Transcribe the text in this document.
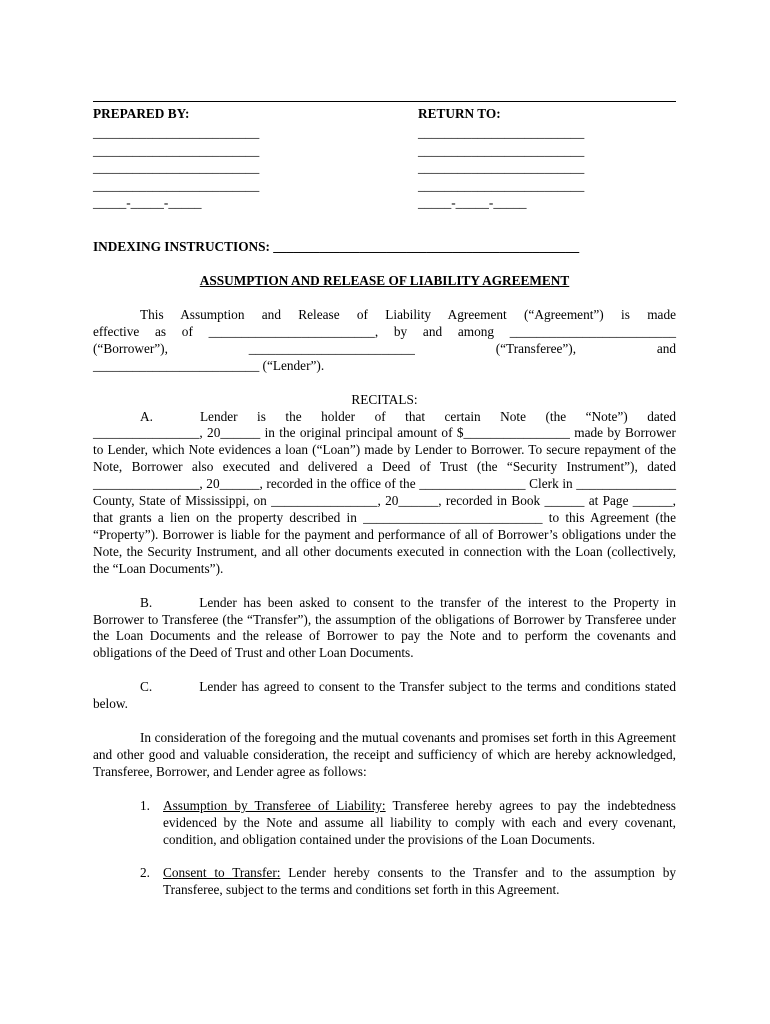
PREPARED BY:
_________________________
_________________________
_________________________
_________________________
_____-_____-_____
RETURN TO:
_________________________
_________________________
_________________________
_________________________
_____-_____-_____
INDEXING INSTRUCTIONS: ______________________________________________
ASSUMPTION AND RELEASE OF LIABILITY AGREEMENT

This Assumption and Release of Liability Agreement (“Agreement”) is made

effective as of _________________________, by and among _________________________

(“Borrower”),	_________________________	(“Transferee”),	and

_________________________ (“Lender”).

RECITALS:

A.	Lender is the holder of that certain Note (the “Note”) dated

________________, 20______ in the original principal amount of $________________ made by Borrower to Lender, which Note evidences a loan (“Loan”) made by Lender to Borrower. To secure repayment of the Note, Borrower also executed and delivered a Deed of Trust (the “Security Instrument”), dated ________________, 20______, recorded in the office of the ________________ Clerk in _______________ County, State of Mississippi, on ________________, 20______, recorded in Book ______ at Page ______, that grants a lien on the property described in ___________________________ to this Agreement (the “Property”). Borrower is liable for the payment and performance of all of Borrower’s obligations under the Note, the Security Instrument, and all other documents executed in connection with the Loan (collectively, the “Loan Documents”).

B.	Lender has been asked to consent to the transfer of the interest to the Property in Borrower to Transferee (the “Transfer”), the assumption of the obligations of Borrower by Transferee under the Loan Documents and the release of Borrower to pay the Note and to perform the covenants and obligations of the Deed of Trust and other Loan Documents.

C.	Lender has agreed to consent to the Transfer subject to the terms and conditions stated below.

In consideration of the foregoing and the mutual covenants and promises set forth in this Agreement and other good and valuable consideration, the receipt and sufficiency of which are hereby acknowledged, Transferee, Borrower, and Lender agree as follows:

1. Assumption by Transferee of Liability: Transferee hereby agrees to pay the indebtedness evidenced by the Note and assume all liability to comply with each and every covenant, condition, and obligation contained under the provisions of the Loan Documents.
2. Consent to Transfer: Lender hereby consents to the Transfer and to the assumption by Transferee, subject to the terms and conditions set forth in this Agreement.
